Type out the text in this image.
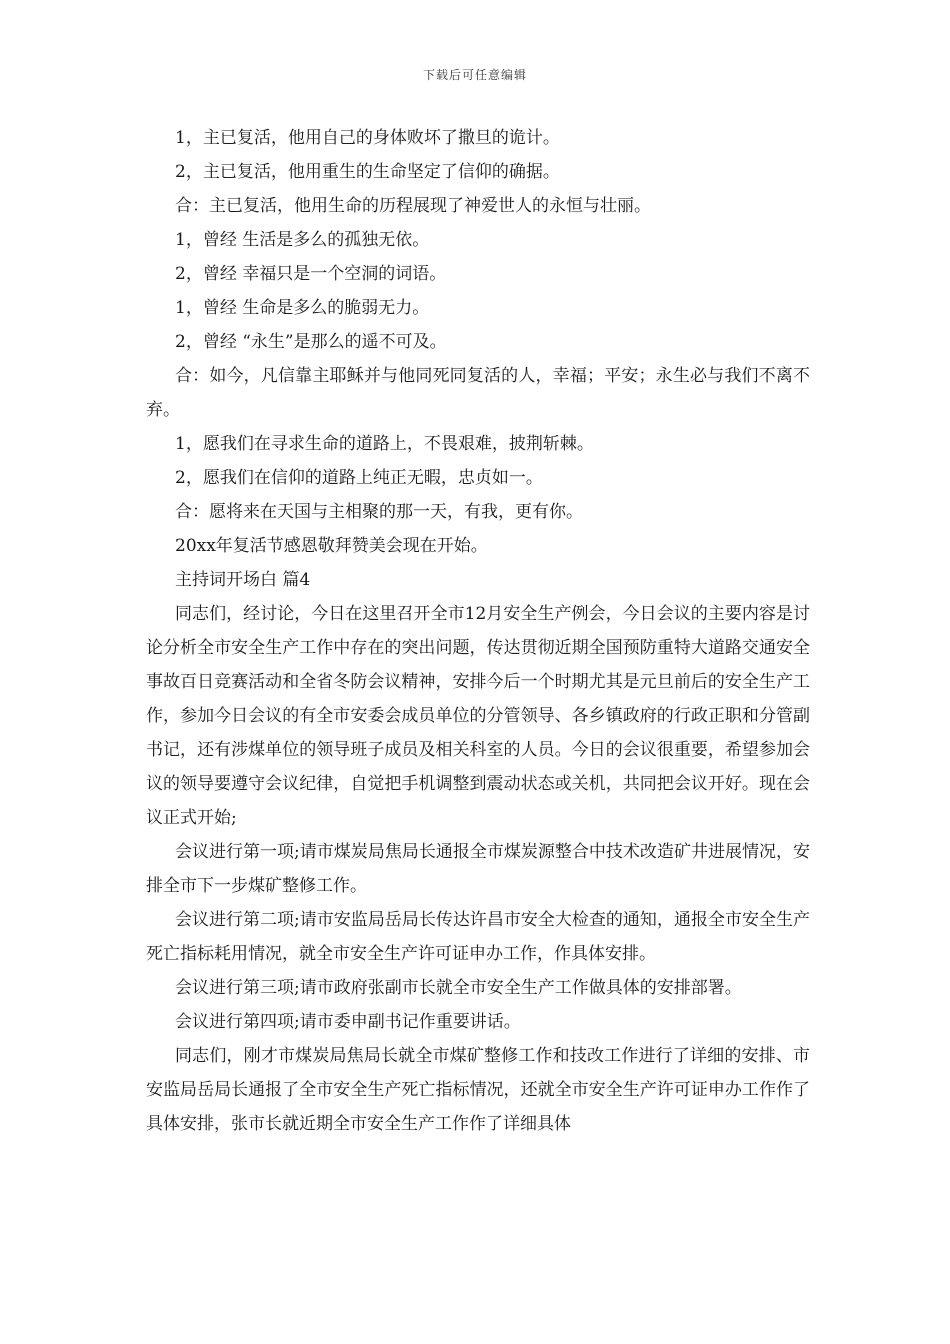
下载后可任意编辑

1，主已复活，他用自己的身体败坏了撒旦的诡计。

2，主已复活，他用重生的生命坚定了信仰的确据。

合：主已复活，他用生命的历程展现了神爱世人的永恒与壮丽。

1，曾经 生活是多么的孤独无依。

2，曾经 幸福只是一个空洞的词语。

1，曾经 生命是多么的脆弱无力。

2，曾经 “永生”是那么的遥不可及。

合：如今，凡信靠主耶稣并与他同死同复活的人，幸福；平安；永生必与我们不离不弃。

1，愿我们在寻求生命的道路上，不畏艰难，披荆斩棘。

2，愿我们在信仰的道路上纯正无暇，忠贞如一。

合：愿将来在天国与主相聚的那一天，有我，更有你。

20xx年复活节感恩敬拜赞美会现在开始。

主持词开场白 篇4

同志们，经讨论，今日在这里召开全市12月安全生产例会，今日会议的主要内容是讨论分析全市安全生产工作中存在的突出问题，传达贯彻近期全国预防重特大道路交通安全事故百日竞赛活动和全省冬防会议精神，安排今后一个时期尤其是元旦前后的安全生产工作，参加今日会议的有全市安委会成员单位的分管领导、各乡镇政府的行政正职和分管副书记，还有涉煤单位的领导班子成员及相关科室的人员。今日的会议很重要，希望参加会议的领导要遵守会议纪律，自觉把手机调整到震动状态或关机，共同把会议开好。现在会议正式开始;

会议进行第一项;请市煤炭局焦局长通报全市煤炭源整合中技术改造矿井进展情况，安排全市下一步煤矿整修工作。

会议进行第二项;请市安监局岳局长传达许昌市安全大检查的通知，通报全市安全生产死亡指标耗用情况，就全市安全生产许可证申办工作，作具体安排。

会议进行第三项;请市政府张副市长就全市安全生产工作做具体的安排部署。

会议进行第四项;请市委申副书记作重要讲话。

同志们，刚才市煤炭局焦局长就全市煤矿整修工作和技改工作进行了详细的安排、市安监局岳局长通报了全市安全生产死亡指标情况，还就全市安全生产许可证申办工作作了具体安排，张市长就近期全市安全生产工作作了详细具体
